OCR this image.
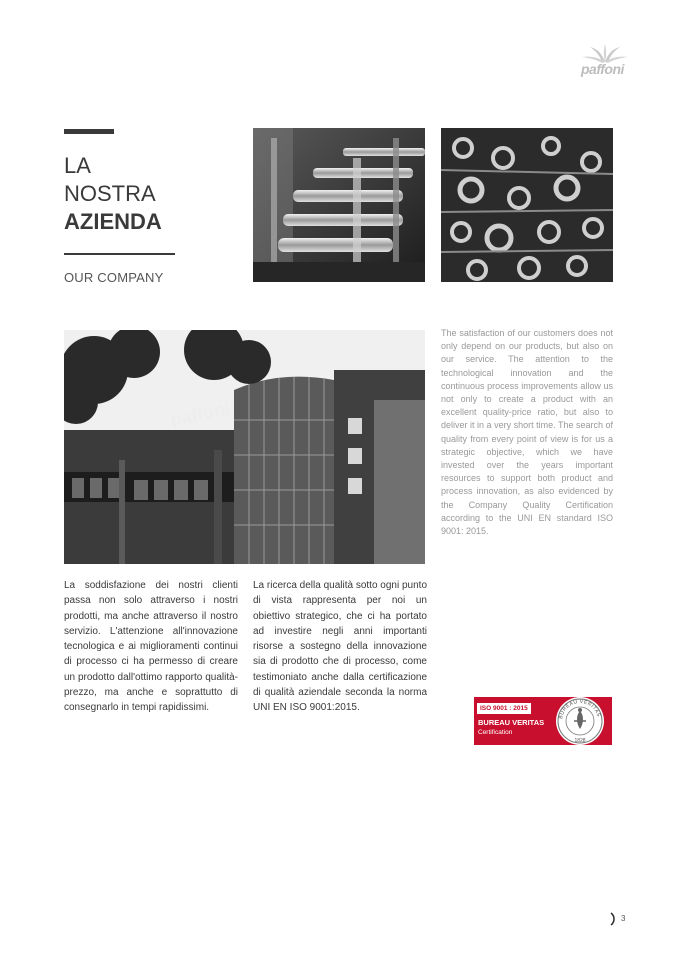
paffoni
LA
NOSTRA
AZIENDA
OUR COMPANY
paffoni
The satisfaction of our customers does not only depend on our products, but also on our service. The attention to the technological innovation and the continuous process improvements allow us not only to create a product with an excellent quality-price ratio, but also to deliver it in a very short time. The search of quality from every point of view is for us a strategic objective, which we have invested over the years important resources to support both product and process innovation, as also evidenced by the Company Quality Certification according to the UNI EN standard ISO 9001: 2015.
La soddisfazione dei nostri clienti passa non solo attraverso i nostri prodotti, ma anche attraverso il nostro servizio. L'attenzione all'innovazione tecnologica e ai miglioramenti continui di processo ci ha permesso di creare un prodotto dall'ottimo rapporto qualità-prezzo, ma anche e soprattutto di consegnarlo in tempi rapidissimi.
La ricerca della qualità sotto ogni punto di vista rappresenta per noi un obiettivo strategico, che ci ha portato ad investire negli anni importanti risorse a sostegno della innovazione sia di prodotto che di processo, come testimoniato anche dalla certificazione di qualità aziendale seconda la norma UNI EN ISO 9001:2015.	ISO 9001 : 2015
BUREAU VERITAS
Certification
BUREAU VERITAS
1828
3
